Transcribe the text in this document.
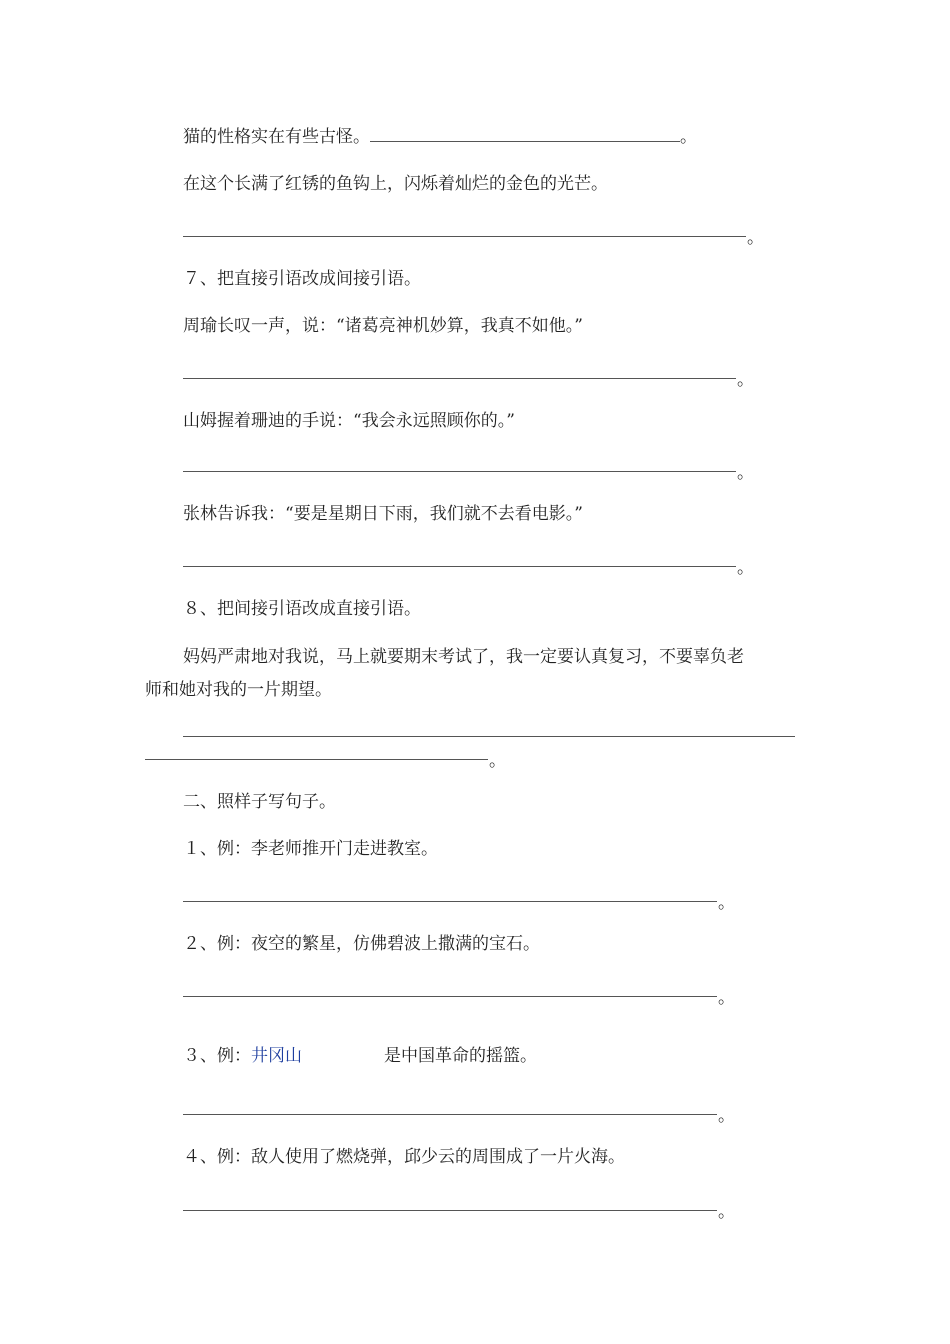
猫的性格实在有些古怪。	。
在这个长满了红锈的鱼钩上，闪烁着灿烂的金色的光芒。
。
７、把直接引语改成间接引语。
周瑜长叹一声，说：“诸葛亮神机妙算，我真不如他。”
。
山姆握着珊迪的手说：“我会永远照顾你的。”
。
张林告诉我：“要是星期日下雨，我们就不去看电影。”
。
８、把间接引语改成直接引语。
妈妈严肃地对我说，马上就要期末考试了，我一定要认真复习，不要辜负老
师和她对我的一片期望。
。
二、照样子写句子。
１、例：李老师推开门走进教室。
。
２、例：夜空的繁星，仿佛碧波上撒满的宝石。
。
３、例：井冈山	是中国革命的摇篮。
。
４、例：敌人使用了燃烧弹，邱少云的周围成了一片火海。
。
